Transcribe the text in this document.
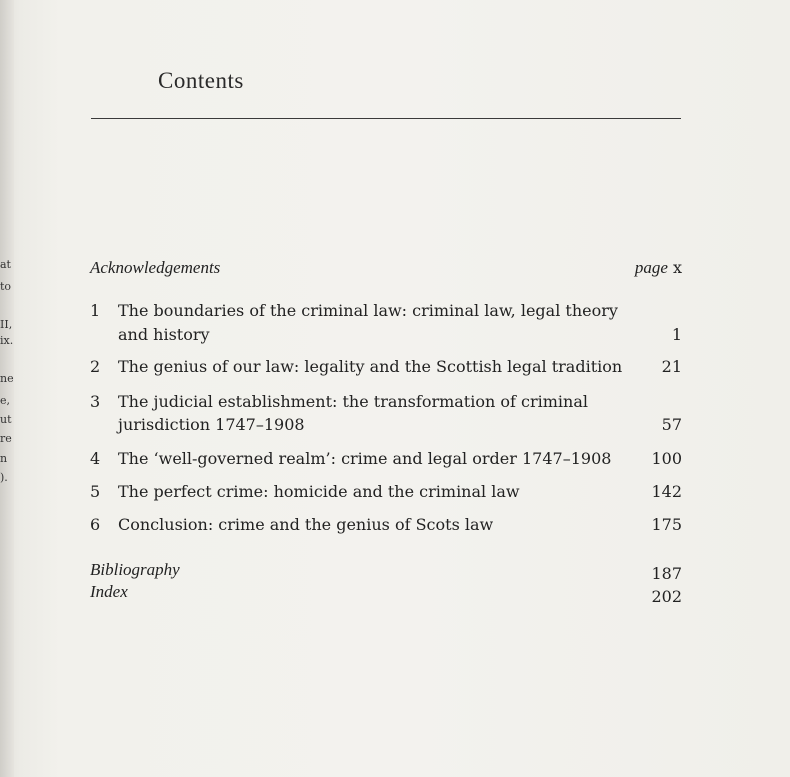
at
to
II,
ix.
ne
e,
ut
re
n
).
Contents
Acknowledgements	page x
1 The boundaries of the criminal law: criminal law, legal theory
and history	1
2 The genius of our law: legality and the Scottish legal tradition 21
3 The judicial establishment: the transformation of criminal
jurisdiction 1747–1908	57
4 The ‘well-governed realm’: crime and legal order 1747–1908	100
5 The perfect crime: homicide and the criminal law	142
6 Conclusion: crime and the genius of Scots law	175
Bibliography	187
Index	202
